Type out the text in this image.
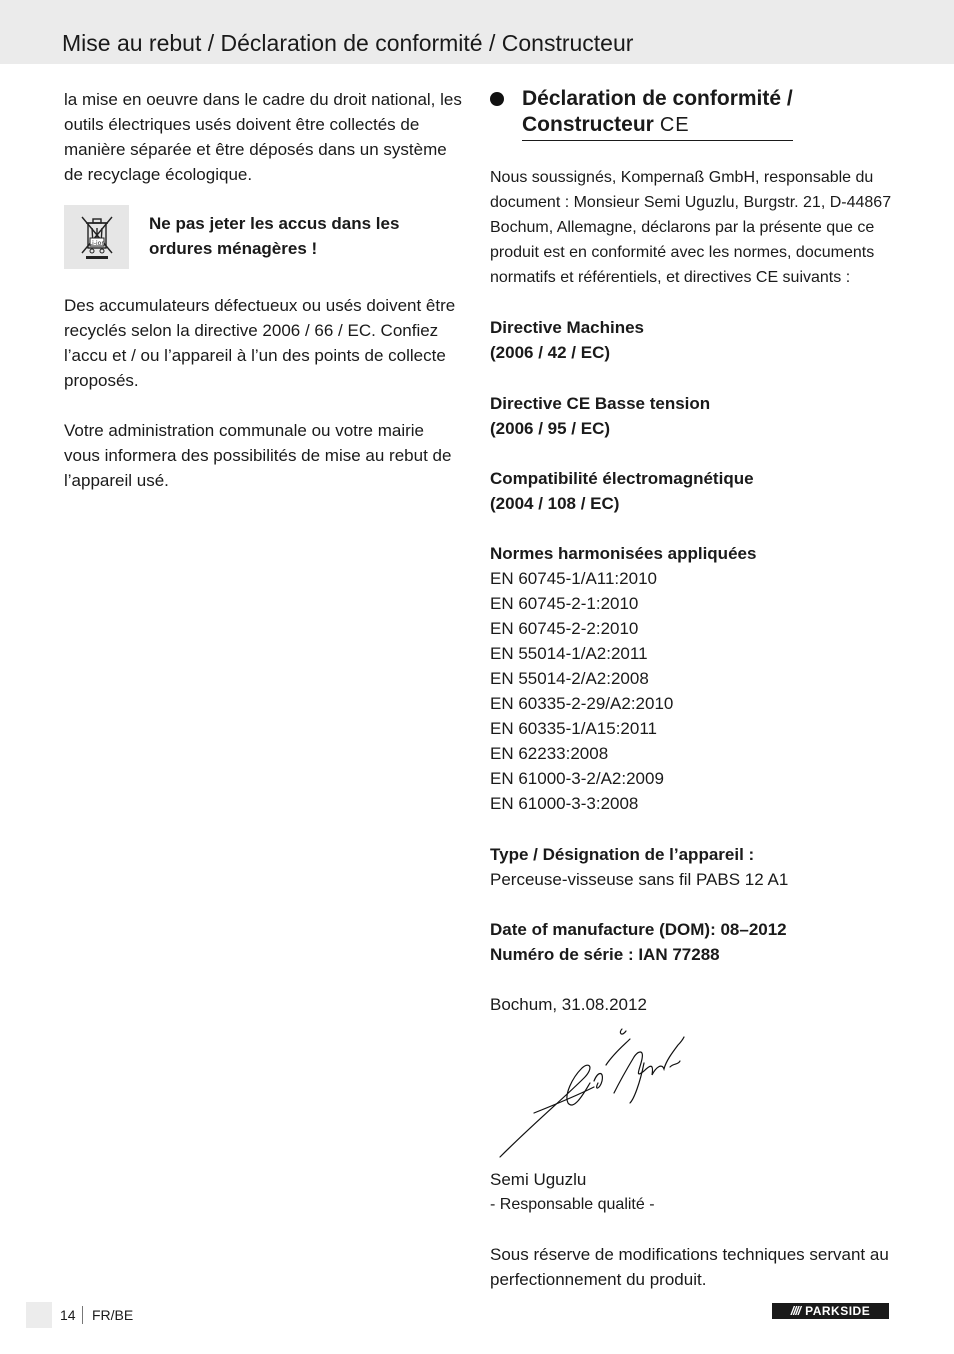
Mise au rebut / Déclaration de conformité / Constructeur

la mise en oeuvre dans le cadre du droit national, les outils électriques usés doivent être collectés de manière séparée et être déposés dans un système de recyclage écologique.

Li-ion
Ne pas jeter les accus dans les ordures ménagères !

Des accumulateurs défectueux ou usés doivent être recyclés selon la directive 2006 / 66 / EC. Confiez l’accu et / ou l’appareil à l’un des points de collecte proposés.

Votre administration communale ou votre mairie vous informera des possibilités de mise au rebut de l’appareil usé.

Déclaration de conformité /
Constructeur CE

Nous soussignés, Kompernaß GmbH, responsable du document : Monsieur Semi Uguzlu, Burgstr. 21, D-44867 Bochum, Allemagne, déclarons par la présente que ce produit est en conformité avec les normes, documents normatifs et référentiels, et directives CE suivants :

Directive Machines

(2006 / 42 / EC)

Directive CE Basse tension

(2006 / 95 / EC)

Compatibilité électromagnétique

(2004 / 108 / EC)

Normes harmonisées appliquées

EN 60745-1/A11:2010

EN 60745-2-1:2010

EN 60745-2-2:2010

EN 55014-1/A2:2011

EN 55014-2/A2:2008

EN 60335-2-29/A2:2010

EN 60335-1/A15:2011

EN 62233:2008

EN 61000-3-2/A2:2009

EN 61000-3-3:2008

Type / Désignation de l’appareil :

Perceuse-visseuse sans fil PABS 12 A1

Date of manufacture (DOM): 08–2012

Numéro de série : IAN 77288

Bochum, 31.08.2012

Semi Uguzlu

- Responsable qualité -

Sous réserve de modifications techniques servant au perfectionnement du produit.

14 FR/BE	//// PARKSIDE
